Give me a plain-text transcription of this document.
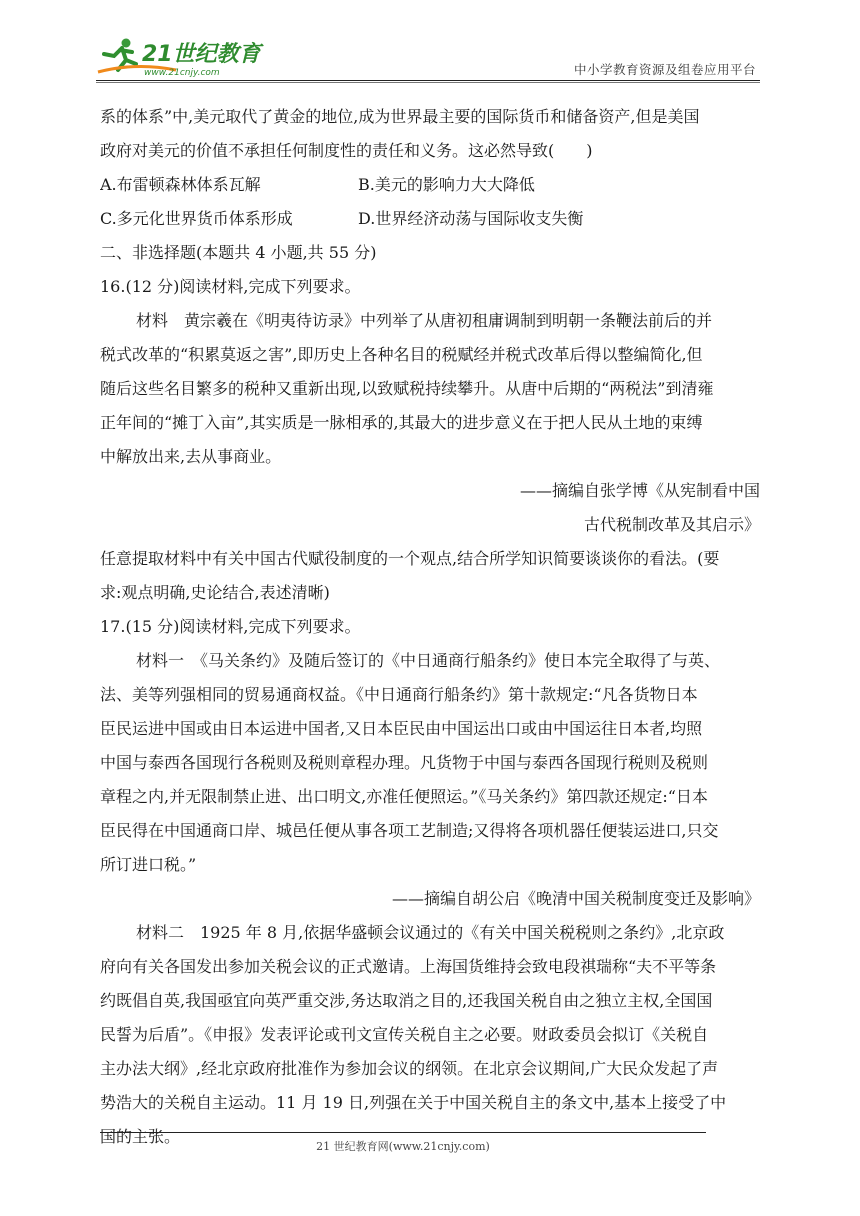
21世纪教育
www.21cnjy.com	中小学教育资源及组卷应用平台
系的体系”中,美元取代了黄金的地位,成为世界最主要的国际货币和储备资产,但是美国
政府对美元的价值不承担任何制度性的责任和义务。这必然导致(　　)
A.布雷顿森林体系瓦解	B.美元的影响力大大降低
C.多元化世界货币体系形成	D.世界经济动荡与国际收支失衡
二、非选择题(本题共 4 小题,共 55 分)
16.(12 分)阅读材料,完成下列要求。
材料　黄宗羲在《明夷待访录》中列举了从唐初租庸调制到明朝一条鞭法前后的并
税式改革的“积累莫返之害”,即历史上各种名目的税赋经并税式改革后得以整编简化,但
随后这些名目繁多的税种又重新出现,以致赋税持续攀升。从唐中后期的“两税法”到清雍
正年间的“摊丁入亩”,其实质是一脉相承的,其最大的进步意义在于把人民从土地的束缚
中解放出来,去从事商业。
——摘编自张学博《从宪制看中国
古代税制改革及其启示》
任意提取材料中有关中国古代赋役制度的一个观点,结合所学知识简要谈谈你的看法。(要
求:观点明确,史论结合,表述清晰)
17.(15 分)阅读材料,完成下列要求。
材料一　《马关条约》及随后签订的《中日通商行船条约》使日本完全取得了与英、
法、美等列强相同的贸易通商权益。《中日通商行船条约》第十款规定:“凡各货物日本
臣民运进中国或由日本运进中国者,又日本臣民由中国运出口或由中国运往日本者,均照
中国与泰西各国现行各税则及税则章程办理。凡货物于中国与泰西各国现行税则及税则
章程之内,并无限制禁止进、出口明文,亦准任便照运。”《马关条约》第四款还规定:“日本
臣民得在中国通商口岸、城邑任便从事各项工艺制造;又得将各项机器任便装运进口,只交
所订进口税。”
——摘编自胡公启《晚清中国关税制度变迁及影响》
材料二　1925 年 8 月,依据华盛顿会议通过的《有关中国关税税则之条约》,北京政
府向有关各国发出参加关税会议的正式邀请。上海国货维持会致电段祺瑞称“夫不平等条
约既倡自英,我国亟宜向英严重交涉,务达取消之目的,还我国关税自由之独立主权,全国国
民誓为后盾”。《申报》发表评论或刊文宣传关税自主之必要。财政委员会拟订《关税自
主办法大纲》,经北京政府批准作为参加会议的纲领。在北京会议期间,广大民众发起了声
势浩大的关税自主运动。11 月 19 日,列强在关于中国关税自主的条文中,基本上接受了中
国的主张。
21 世纪教育网(www.21cnjy.com)
